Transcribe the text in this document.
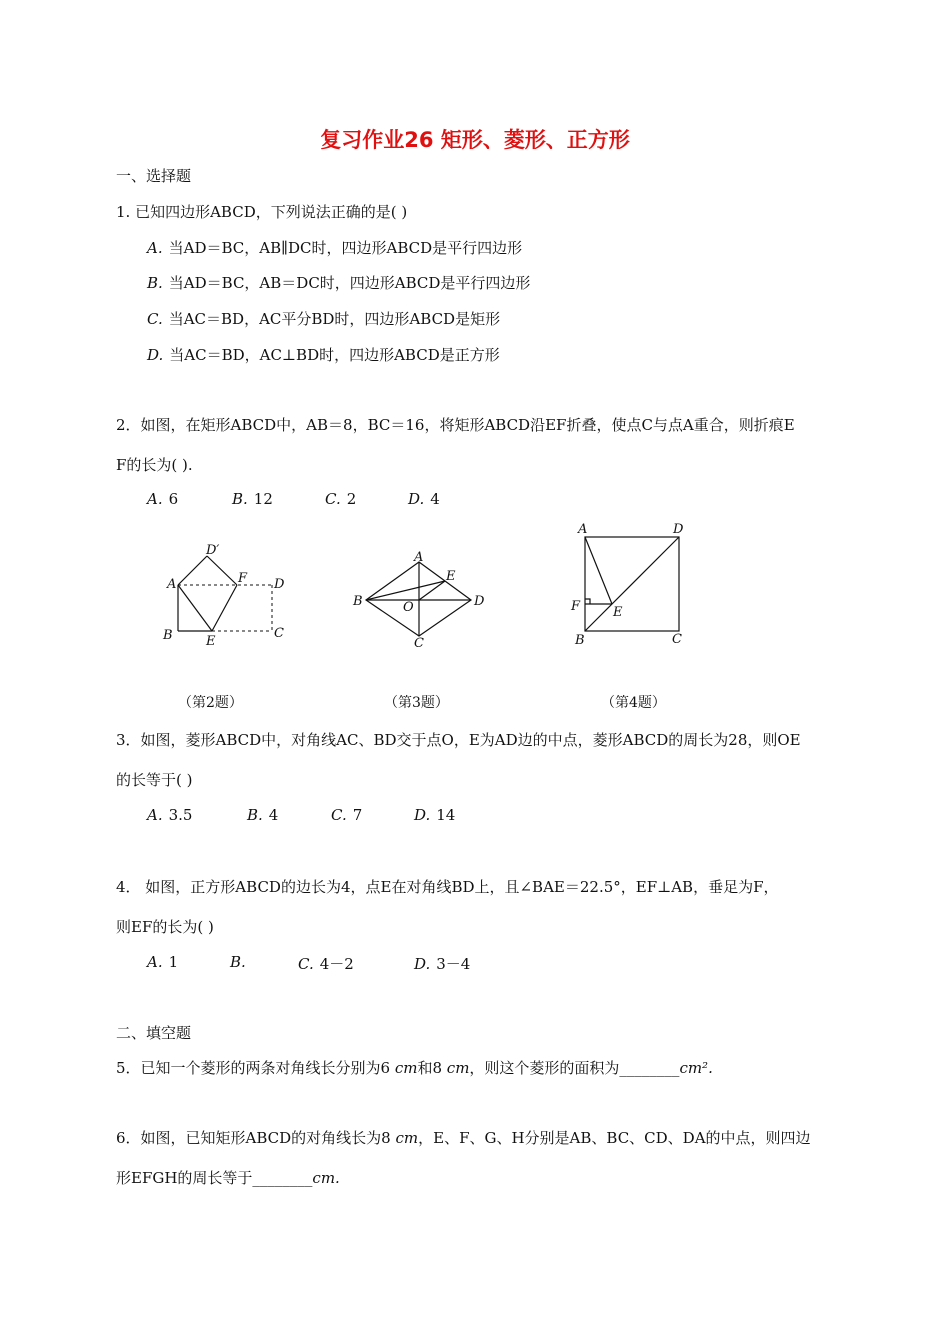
复习作业26 矩形、菱形、正方形
一、选择题
1. 已知四边形ABCD，下列说法正确的是( )
A. 当AD＝BC，AB∥DC时，四边形ABCD是平行四边形
B. 当AD＝BC，AB＝DC时，四边形ABCD是平行四边形
C. 当AC＝BD，AC平分BD时，四边形ABCD是矩形
D. 当AC＝BD，AC⊥BD时，四边形ABCD是正方形
2．如图，在矩形ABCD中，AB＝8，BC＝16，将矩形ABCD沿EF折叠，使点C与点A重合，则折痕E
F的长为( ).
A. 6	B. 12	C. 2	D. 4
D′
A	F D
B	E
C
A
E
B	O	D
C
A	D
F	E
B	C
（第2题）	（第3题）	（第4题）
3．如图，菱形ABCD中，对角线AC、BD交于点O，E为AD边的中点，菱形ABCD的周长为28，则OE
的长等于( )
A. 3.5	B. 4	C. 7	D. 14
4． 如图，正方形ABCD的边长为4，点E在对角线BD上，且∠BAE＝22.5°，EF⊥AB，垂足为F，
则EF的长为( )
A. 1	B.	C. 4－2	D. 3－4
二、填空题
5．已知一个菱形的两条对角线长分别为6 cm和8 cm，则这个菱形的面积为________cm².
6．如图，已知矩形ABCD的对角线长为8 cm，E、F、G、H分别是AB、BC、CD、DA的中点，则四边
形EFGH的周长等于________cm.
